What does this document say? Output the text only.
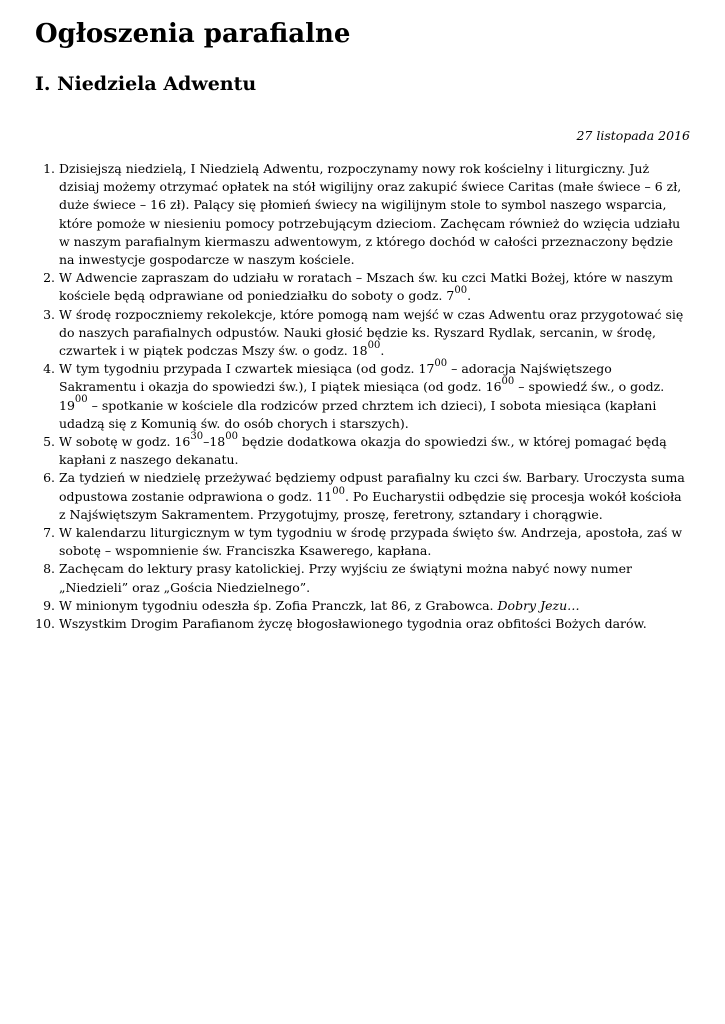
Ogłoszenia parafialne
I. Niedziela Adwentu
27 listopada 2016
1. Dzisiejszą niedzielą, I Niedzielą Adwentu, rozpoczynamy nowy rok kościelny i liturgiczny. Już dzisiaj możemy otrzymać opłatek na stół wigilijny oraz zakupić świece Caritas (małe świece – 6 zł, duże świece – 16 zł). Palący się płomień świecy na wigilijnym stole to symbol naszego wsparcia, które pomoże w niesieniu pomocy potrzebującym dzieciom. Zachęcam również do wzięcia udziału w naszym parafialnym kiermaszu adwentowym, z którego dochód w całości przeznaczony będzie na inwestycje gospodarcze w naszym kościele.
2. W Adwencie zapraszam do udziału w roratach – Mszach św. ku czci Matki Bożej, które w naszym kościele będą odprawiane od poniedziałku do soboty o godz. $7^{00}$.
3. W środę rozpoczniemy rekolekcje, które pomogą nam wejść w czas Adwentu oraz przygotować się do naszych parafialnych odpustów. Nauki głosić będzie ks. Ryszard Rydlak, sercanin, w środę, czwartek i w piątek podczas Mszy św. o godz. $18^{00}$.
4. W tym tygodniu przypada I czwartek miesiąca (od godz. $17^{00}$ – adoracja Najświętszego Sakramentu i okazja do spowiedzi św.), I piątek miesiąca (od godz. $16^{00}$ – spowiedź św., o godz. $19^{00}$ – spotkanie w kościele dla rodziców przed chrztem ich dzieci), I sobota miesiąca (kapłani udadzą się z Komunią św. do osób chorych i starszych).
5. W sobotę w godz. $16^{30}-18^{00}$ będzie dodatkowa okazja do spowiedzi św., w której pomagać będą kapłani z naszego dekanatu.
6. Za tydzień w niedzielę przeżywać będziemy odpust parafialny ku czci św. Barbary. Uroczysta suma odpustowa zostanie odprawiona o godz. $11^{00}$. Po Eucharystii odbędzie się procesja wokół kościoła z Najświętszym Sakramentem. Przygotujmy, proszę, feretrony, sztandary i chorągwie.
7. W kalendarzu liturgicznym w tym tygodniu w środę przypada święto św. Andrzeja, apostoła, zaś w sobotę – wspomnienie św. Franciszka Ksawerego, kapłana.
8. Zachęcam do lektury prasy katolickiej. Przy wyjściu ze świątyni można nabyć nowy numer „Niedzieli” oraz „Gościa Niedzielnego”.
9. W minionym tygodniu odeszła śp. Zofia Pranczk, lat 86, z Grabowca. Dobry Jezu…
10. Wszystkim Drogim Parafianom życzę błogosławionego tygodnia oraz obfitości Bożych darów.
